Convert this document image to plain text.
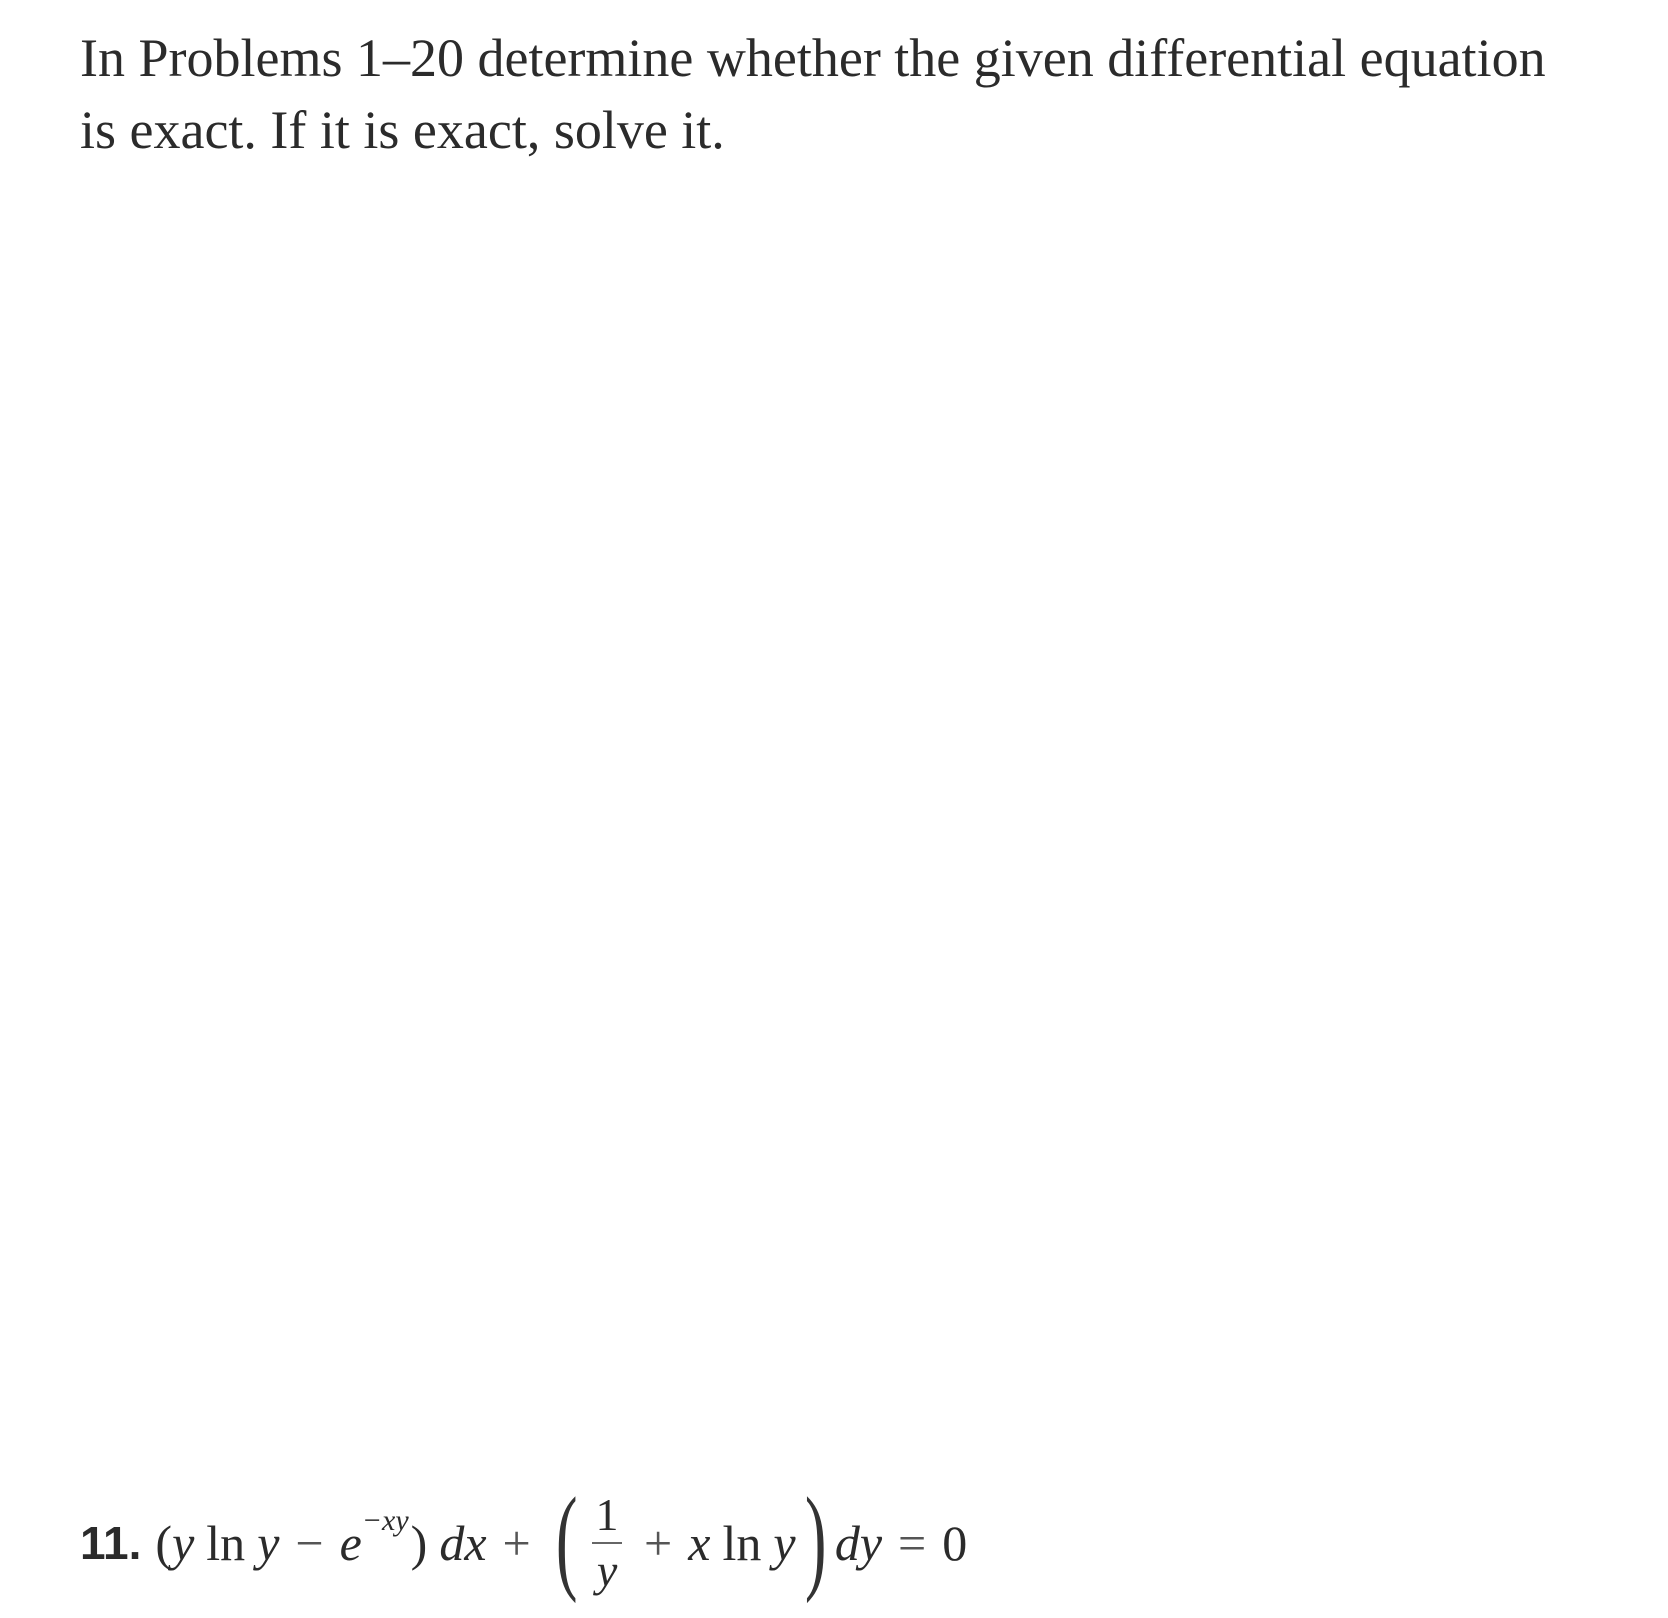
In Problems 1–20 determine whether the given differential equation
is exact. If it is exact, solve it.
11. ( y ln y − e −xy ) dx + ( $\frac{1}{y} + x$ ln y ) dy = 0
